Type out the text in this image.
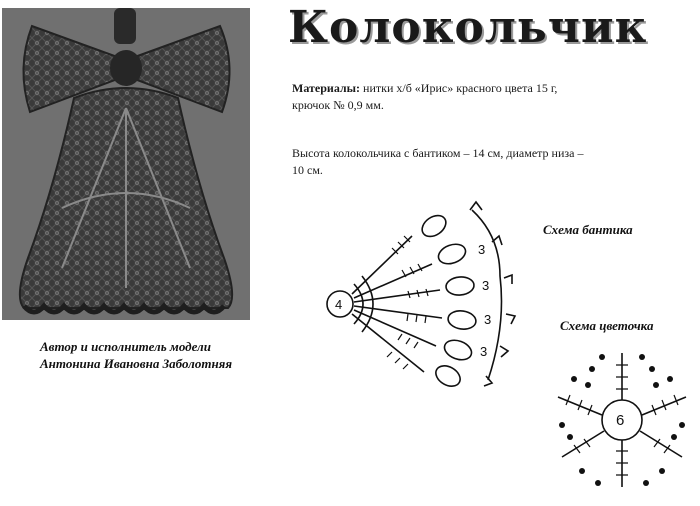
Автор и исполнитель модели
Антонина Ивановна Заболотняя
Колокольчик
Материалы: нитки х/б «Ирис» красного цвета 15 г, крючок № 0,9 мм.
Высота колокольчика с бантиком – 14 см, диаметр низа – 10 см.
Схема бантика
4
3
3
3
3
Схема цветочка
6
